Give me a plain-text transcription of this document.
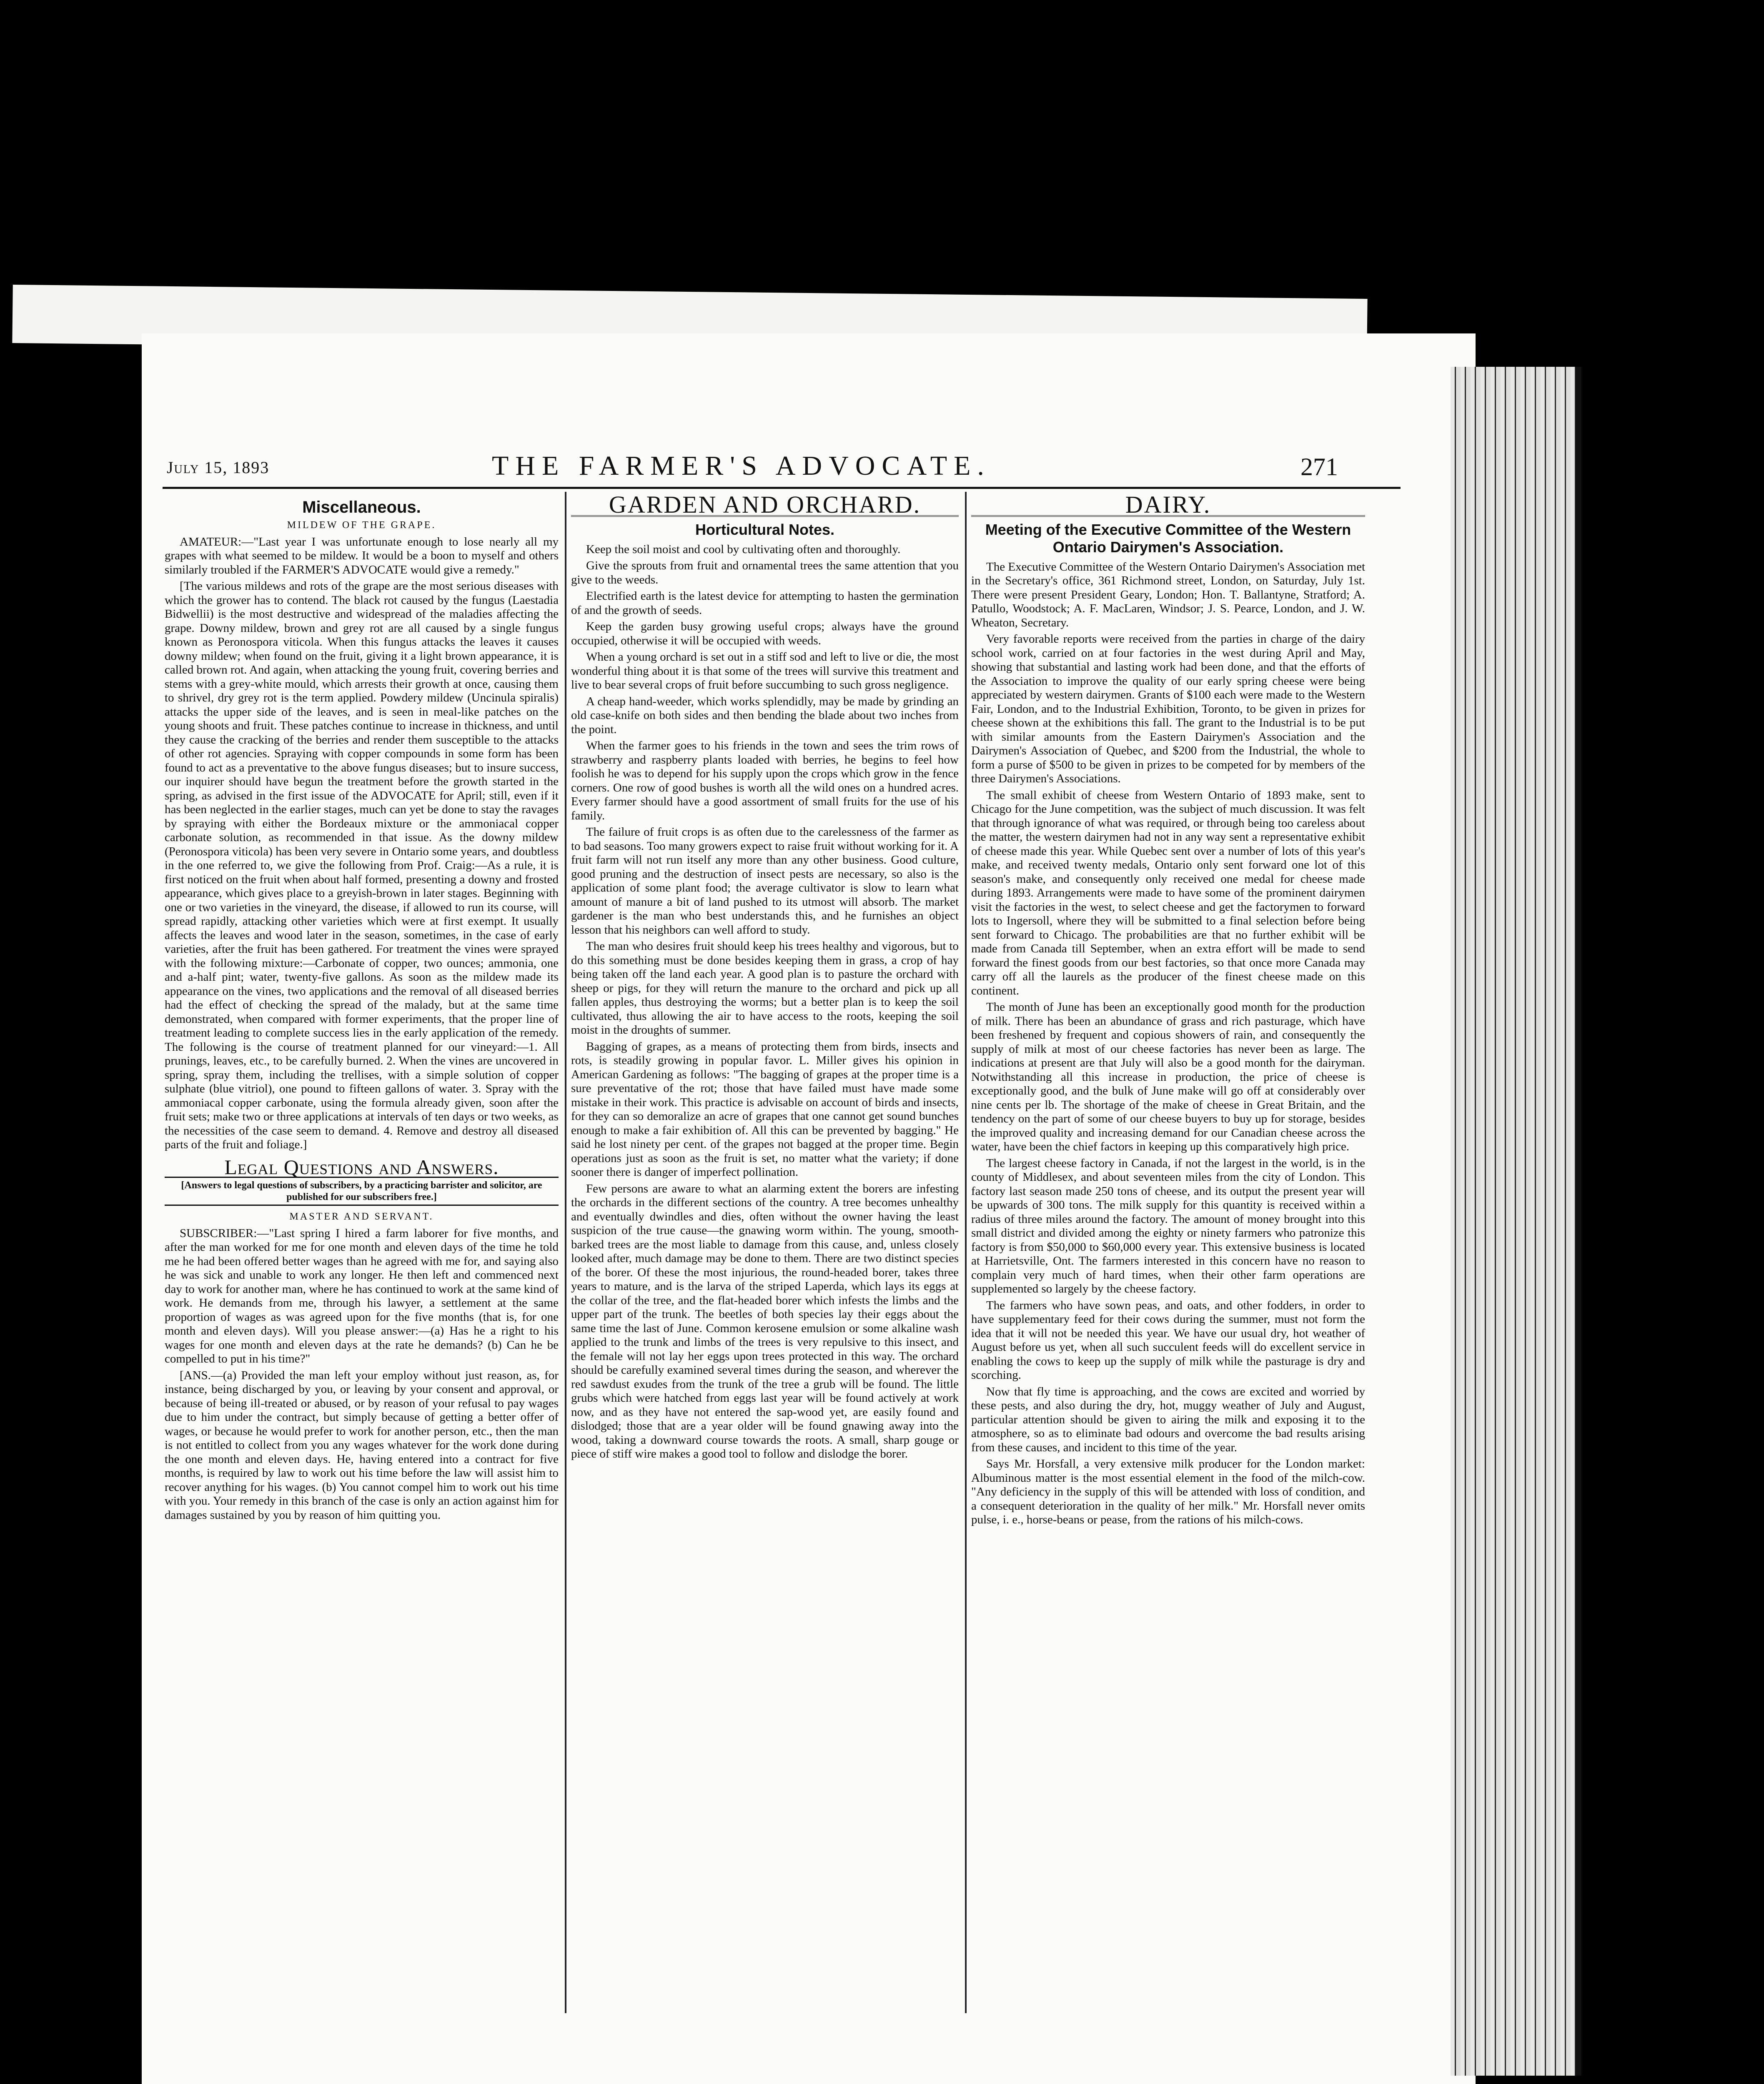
July 15, 1893	THE FARMER'S ADVOCATE.	271
Miscellaneous.
MILDEW OF THE GRAPE.

AMATEUR:—"Last year I was unfortunate enough to lose nearly all my grapes with what seemed to be mildew. It would be a boon to myself and others similarly troubled if the FARMER'S ADVOCATE would give a remedy."

[The various mildews and rots of the grape are the most serious diseases with which the grower has to contend. The black rot caused by the fungus (Laestadia Bidwellii) is the most destructive and widespread of the maladies affecting the grape. Downy mildew, brown and grey rot are all caused by a single fungus known as Peronospora viticola. When this fungus attacks the leaves it causes downy mildew; when found on the fruit, giving it a light brown appearance, it is called brown rot. And again, when attacking the young fruit, covering berries and stems with a grey-white mould, which arrests their growth at once, causing them to shrivel, dry grey rot is the term applied. Powdery mildew (Uncinula spiralis) attacks the upper side of the leaves, and is seen in meal-like patches on the young shoots and fruit. These patches continue to increase in thickness, and until they cause the cracking of the berries and render them susceptible to the attacks of other rot agencies. Spraying with copper compounds in some form has been found to act as a preventative to the above fungus diseases; but to insure success, our inquirer should have begun the treatment before the growth started in the spring, as advised in the first issue of the ADVOCATE for April; still, even if it has been neglected in the earlier stages, much can yet be done to stay the ravages by spraying with either the Bordeaux mixture or the ammoniacal copper carbonate solution, as recommended in that issue. As the downy mildew (Peronospora viticola) has been very severe in Ontario some years, and doubtless in the one referred to, we give the following from Prof. Craig:—As a rule, it is first noticed on the fruit when about half formed, presenting a downy and frosted appearance, which gives place to a greyish-brown in later stages. Beginning with one or two varieties in the vineyard, the disease, if allowed to run its course, will spread rapidly, attacking other varieties which were at first exempt. It usually affects the leaves and wood later in the season, sometimes, in the case of early varieties, after the fruit has been gathered. For treatment the vines were sprayed with the following mixture:—Carbonate of copper, two ounces; ammonia, one and a-half pint; water, twenty-five gallons. As soon as the mildew made its appearance on the vines, two applications and the removal of all diseased berries had the effect of checking the spread of the malady, but at the same time demonstrated, when compared with former experiments, that the proper line of treatment leading to complete success lies in the early application of the remedy. The following is the course of treatment planned for our vineyard:—1. All prunings, leaves, etc., to be carefully burned. 2. When the vines are uncovered in spring, spray them, including the trellises, with a simple solution of copper sulphate (blue vitriol), one pound to fifteen gallons of water. 3. Spray with the ammoniacal copper carbonate, using the formula already given, soon after the fruit sets; make two or three applications at intervals of ten days or two weeks, as the necessities of the case seem to demand. 4. Remove and destroy all diseased parts of the fruit and foliage.]

Legal Questions and Answers.
[Answers to legal questions of subscribers, by a practicing barrister and solicitor, are published for our subscribers free.]
MASTER AND SERVANT.

SUBSCRIBER:—"Last spring I hired a farm laborer for five months, and after the man worked for me for one month and eleven days of the time he told me he had been offered better wages than he agreed with me for, and saying also he was sick and unable to work any longer. He then left and commenced next day to work for another man, where he has continued to work at the same kind of work. He demands from me, through his lawyer, a settlement at the same proportion of wages as was agreed upon for the five months (that is, for one month and eleven days). Will you please answer:—(a) Has he a right to his wages for one month and eleven days at the rate he demands? (b) Can he be compelled to put in his time?"

[ANS.—(a) Provided the man left your employ without just reason, as, for instance, being discharged by you, or leaving by your consent and approval, or because of being ill-treated or abused, or by reason of your refusal to pay wages due to him under the contract, but simply because of getting a better offer of wages, or because he would prefer to work for another person, etc., then the man is not entitled to collect from you any wages whatever for the work done during the one month and eleven days. He, having entered into a contract for five months, is required by law to work out his time before the law will assist him to recover anything for his wages. (b) You cannot compel him to work out his time with you. Your remedy in this branch of the case is only an action against him for damages sustained by you by reason of him quitting you.

GARDEN AND ORCHARD.
Horticultural Notes.

Keep the soil moist and cool by cultivating often and thoroughly.

Give the sprouts from fruit and ornamental trees the same attention that you give to the weeds.

Electrified earth is the latest device for attempting to hasten the germination of and the growth of seeds.

Keep the garden busy growing useful crops; always have the ground occupied, otherwise it will be occupied with weeds.

When a young orchard is set out in a stiff sod and left to live or die, the most wonderful thing about it is that some of the trees will survive this treatment and live to bear several crops of fruit before succumbing to such gross negligence.

A cheap hand-weeder, which works splendidly, may be made by grinding an old case-knife on both sides and then bending the blade about two inches from the point.

When the farmer goes to his friends in the town and sees the trim rows of strawberry and raspberry plants loaded with berries, he begins to feel how foolish he was to depend for his supply upon the crops which grow in the fence corners. One row of good bushes is worth all the wild ones on a hundred acres. Every farmer should have a good assortment of small fruits for the use of his family.

The failure of fruit crops is as often due to the carelessness of the farmer as to bad seasons. Too many growers expect to raise fruit without working for it. A fruit farm will not run itself any more than any other business. Good culture, good pruning and the destruction of insect pests are necessary, so also is the application of some plant food; the average cultivator is slow to learn what amount of manure a bit of land pushed to its utmost will absorb. The market gardener is the man who best understands this, and he furnishes an object lesson that his neighbors can well afford to study.

The man who desires fruit should keep his trees healthy and vigorous, but to do this something must be done besides keeping them in grass, a crop of hay being taken off the land each year. A good plan is to pasture the orchard with sheep or pigs, for they will return the manure to the orchard and pick up all fallen apples, thus destroying the worms; but a better plan is to keep the soil cultivated, thus allowing the air to have access to the roots, keeping the soil moist in the droughts of summer.

Bagging of grapes, as a means of protecting them from birds, insects and rots, is steadily growing in popular favor. L. Miller gives his opinion in American Gardening as follows: "The bagging of grapes at the proper time is a sure preventative of the rot; those that have failed must have made some mistake in their work. This practice is advisable on account of birds and insects, for they can so demoralize an acre of grapes that one cannot get sound bunches enough to make a fair exhibition of. All this can be prevented by bagging." He said he lost ninety per cent. of the grapes not bagged at the proper time. Begin operations just as soon as the fruit is set, no matter what the variety; if done sooner there is danger of imperfect pollination.

Few persons are aware to what an alarming extent the borers are infesting the orchards in the different sections of the country. A tree becomes unhealthy and eventually dwindles and dies, often without the owner having the least suspicion of the true cause—the gnawing worm within. The young, smooth-barked trees are the most liable to damage from this cause, and, unless closely looked after, much damage may be done to them. There are two distinct species of the borer. Of these the most injurious, the round-headed borer, takes three years to mature, and is the larva of the striped Laperda, which lays its eggs at the collar of the tree, and the flat-headed borer which infests the limbs and the upper part of the trunk. The beetles of both species lay their eggs about the same time the last of June. Common kerosene emulsion or some alkaline wash applied to the trunk and limbs of the trees is very repulsive to this insect, and the female will not lay her eggs upon trees protected in this way. The orchard should be carefully examined several times during the season, and wherever the red sawdust exudes from the trunk of the tree a grub will be found. The little grubs which were hatched from eggs last year will be found actively at work now, and as they have not entered the sap-wood yet, are easily found and dislodged; those that are a year older will be found gnawing away into the wood, taking a downward course towards the roots. A small, sharp gouge or piece of stiff wire makes a good tool to follow and dislodge the borer.

DAIRY.
Meeting of the Executive Committee of the Western Ontario Dairymen's Association.

The Executive Committee of the Western Ontario Dairymen's Association met in the Secretary's office, 361 Richmond street, London, on Saturday, July 1st. There were present President Geary, London; Hon. T. Ballantyne, Stratford; A. Patullo, Woodstock; A. F. MacLaren, Windsor; J. S. Pearce, London, and J. W. Wheaton, Secretary.

Very favorable reports were received from the parties in charge of the dairy school work, carried on at four factories in the west during April and May, showing that substantial and lasting work had been done, and that the efforts of the Association to improve the quality of our early spring cheese were being appreciated by western dairymen. Grants of $100 each were made to the Western Fair, London, and to the Industrial Exhibition, Toronto, to be given in prizes for cheese shown at the exhibitions this fall. The grant to the Industrial is to be put with similar amounts from the Eastern Dairymen's Association and the Dairymen's Association of Quebec, and $200 from the Industrial, the whole to form a purse of $500 to be given in prizes to be competed for by members of the three Dairymen's Associations.

The small exhibit of cheese from Western Ontario of 1893 make, sent to Chicago for the June competition, was the subject of much discussion. It was felt that through ignorance of what was required, or through being too careless about the matter, the western dairymen had not in any way sent a representative exhibit of cheese made this year. While Quebec sent over a number of lots of this year's make, and received twenty medals, Ontario only sent forward one lot of this season's make, and consequently only received one medal for cheese made during 1893. Arrangements were made to have some of the prominent dairymen visit the factories in the west, to select cheese and get the factorymen to forward lots to Ingersoll, where they will be submitted to a final selection before being sent forward to Chicago. The probabilities are that no further exhibit will be made from Canada till September, when an extra effort will be made to send forward the finest goods from our best factories, so that once more Canada may carry off all the laurels as the producer of the finest cheese made on this continent.

The month of June has been an exceptionally good month for the production of milk. There has been an abundance of grass and rich pasturage, which have been freshened by frequent and copious showers of rain, and consequently the supply of milk at most of our cheese factories has never been as large. The indications at present are that July will also be a good month for the dairyman. Notwithstanding all this increase in production, the price of cheese is exceptionally good, and the bulk of June make will go off at considerably over nine cents per lb. The shortage of the make of cheese in Great Britain, and the tendency on the part of some of our cheese buyers to buy up for storage, besides the improved quality and increasing demand for our Canadian cheese across the water, have been the chief factors in keeping up this comparatively high price.

The largest cheese factory in Canada, if not the largest in the world, is in the county of Middlesex, and about seventeen miles from the city of London. This factory last season made 250 tons of cheese, and its output the present year will be upwards of 300 tons. The milk supply for this quantity is received within a radius of three miles around the factory. The amount of money brought into this small district and divided among the eighty or ninety farmers who patronize this factory is from $50,000 to $60,000 every year. This extensive business is located at Harrietsville, Ont. The farmers interested in this concern have no reason to complain very much of hard times, when their other farm operations are supplemented so largely by the cheese factory.

The farmers who have sown peas, and oats, and other fodders, in order to have supplementary feed for their cows during the summer, must not form the idea that it will not be needed this year. We have our usual dry, hot weather of August before us yet, when all such succulent feeds will do excellent service in enabling the cows to keep up the supply of milk while the pasturage is dry and scorching.

Now that fly time is approaching, and the cows are excited and worried by these pests, and also during the dry, hot, muggy weather of July and August, particular attention should be given to airing the milk and exposing it to the atmosphere, so as to eliminate bad odours and overcome the bad results arising from these causes, and incident to this time of the year.

Says Mr. Horsfall, a very extensive milk producer for the London market: Albuminous matter is the most essential element in the food of the milch-cow. "Any deficiency in the supply of this will be attended with loss of condition, and a consequent deterioration in the quality of her milk." Mr. Horsfall never omits pulse, i. e., horse-beans or pease, from the rations of his milch-cows.
